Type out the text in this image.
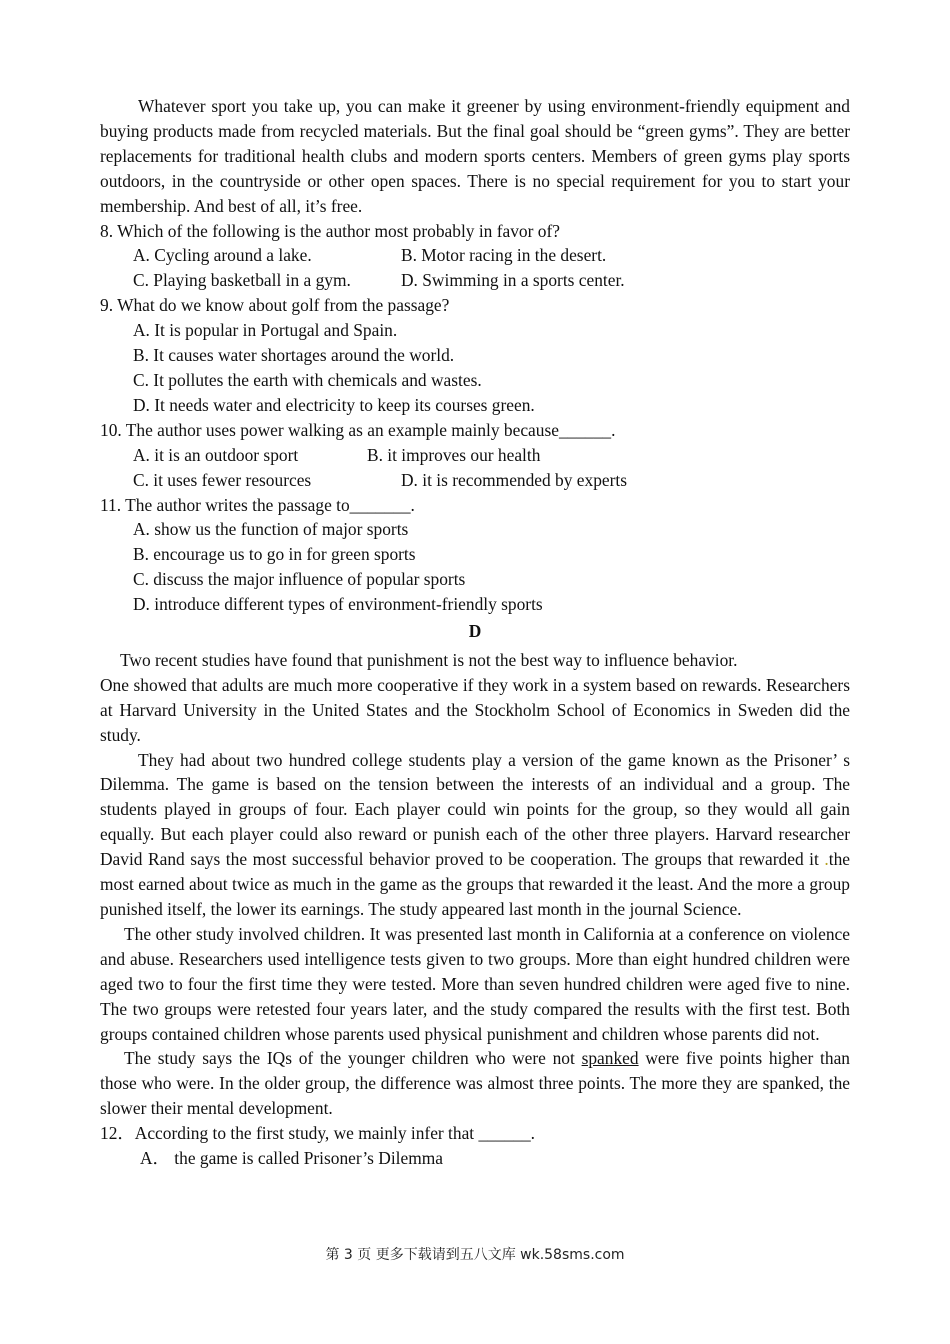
Whatever sport you take up, you can make it greener by using environment-friendly equipment and buying products made from recycled materials. But the final goal should be “green gyms”. They are better replacements for traditional health clubs and modern sports centers. Members of green gyms play sports outdoors, in the countryside or other open spaces. There is no special requirement for you to start your membership. And best of all, it’s free.

8. Which of the following is the author most probably in favor of?

A. Cycling around a lake.	B. Motor racing in the desert.
C. Playing basketball in a gym.	D. Swimming in a sports center.

9. What do we know about golf from the passage?

A. It is popular in Portugal and Spain.

B. It causes water shortages around the world.

C. It pollutes the earth with chemicals and wastes.

D. It needs water and electricity to keep its courses green.

10. The author uses power walking as an example mainly because______.

A. it is an outdoor sport	B. it improves our health
C. it uses fewer resources	D. it is recommended by experts

11. The author writes the passage to_______.

A. show us the function of major sports

B. encourage us to go in for green sports

C. discuss the major influence of popular sports

D. introduce different types of environment-friendly sports

D

Two recent studies have found that punishment is not the best way to influence behavior.

One showed that adults are much more cooperative if they work in a system based on rewards. Researchers at Harvard University in the United States and the Stockholm School of Economics in Sweden did the study.

They had about two hundred college students play a version of the game known as the Prisoner’ s Dilemma. The game is based on the tension between the interests of an individual and a group. The students played in groups of four. Each player could win points for the group, so they would all gain equally. But each player could also reward or punish each of the other three players. Harvard researcher David Rand says the most successful behavior proved to be cooperation. The groups that rewarded it .the most earned about twice as much in the game as the groups that rewarded it the least. And the more a group punished itself, the lower its earnings. The study appeared last month in the journal Science.

The other study involved children. It was presented last month in California at a conference on violence and abuse. Researchers used intelligence tests given to two groups. More than eight hundred children were aged two to four the first time they were tested. More than seven hundred children were aged five to nine. The two groups were retested four years later, and the study compared the results with the first test. Both groups contained children whose parents used physical punishment and children whose parents did not.

The study says the IQs of the younger children who were not spanked were five points higher than those who were. In the older group, the difference was almost three points. The more they are spanked, the slower their mental development.

12．According to the first study, we mainly infer that ______.

A． the game is called Prisoner’s Dilemma

第 3 页 更多下载请到五八文库 wk.58sms.com
